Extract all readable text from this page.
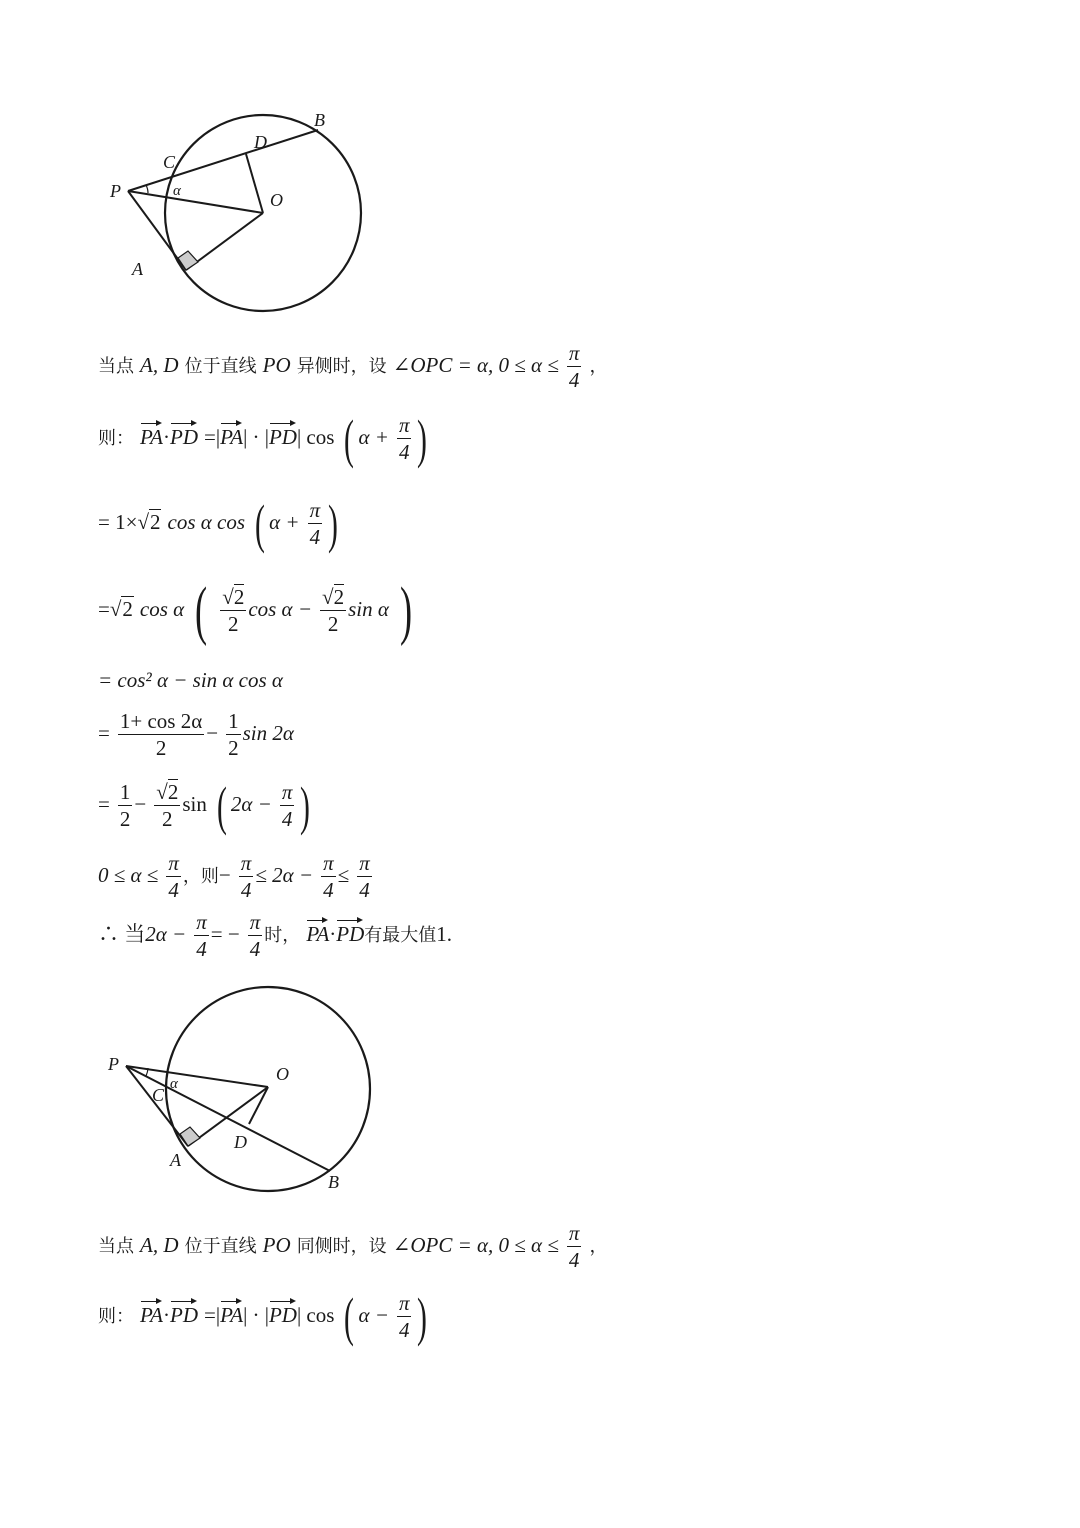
P
C
D
B
O
A
α
当点 A, D 位于直线 PO 异侧时，设 ∠OPC = α, $0 \le \alpha \le \frac{\pi}{4}$ ，
则： PA·PD =|PA| · |PD| cos ( $\alpha + \frac{\pi}{4}$ )
= 1×√2 cos α cos ( $\alpha + \frac{\pi}{4}$ )
=√2 cos α ( $\frac{√2}{2}$ $\cos \alpha - \frac{√2}{2}$ sin α )
= cos² α − sin α cos α
= $\frac{1+ \cos 2\alpha}{2} - \frac{1}{2}$ sin 2α
= $\frac{1}{2} - \frac{√2}{2}$ sin ( $2\alpha - \frac{\pi}{4}$ )
$0 \le \alpha \le \frac{\pi}{4}$ ，则− $\frac{\pi}{4} \le 2\alpha - \frac{\pi}{4} \le \frac{\pi}{4}$
∴ 当$2\alpha - \frac{\pi}{4}$ = − $\frac{\pi}{4}$ 时， PA·PD有最大值1.
P
C
D
B
O
A
α
当点 A, D 位于直线 PO 同侧时，设 ∠OPC = α, $0 \le \alpha \le \frac{\pi}{4}$ ，
则： PA·PD =|PA| · |PD| cos ( $\alpha - \frac{\pi}{4}$ )
